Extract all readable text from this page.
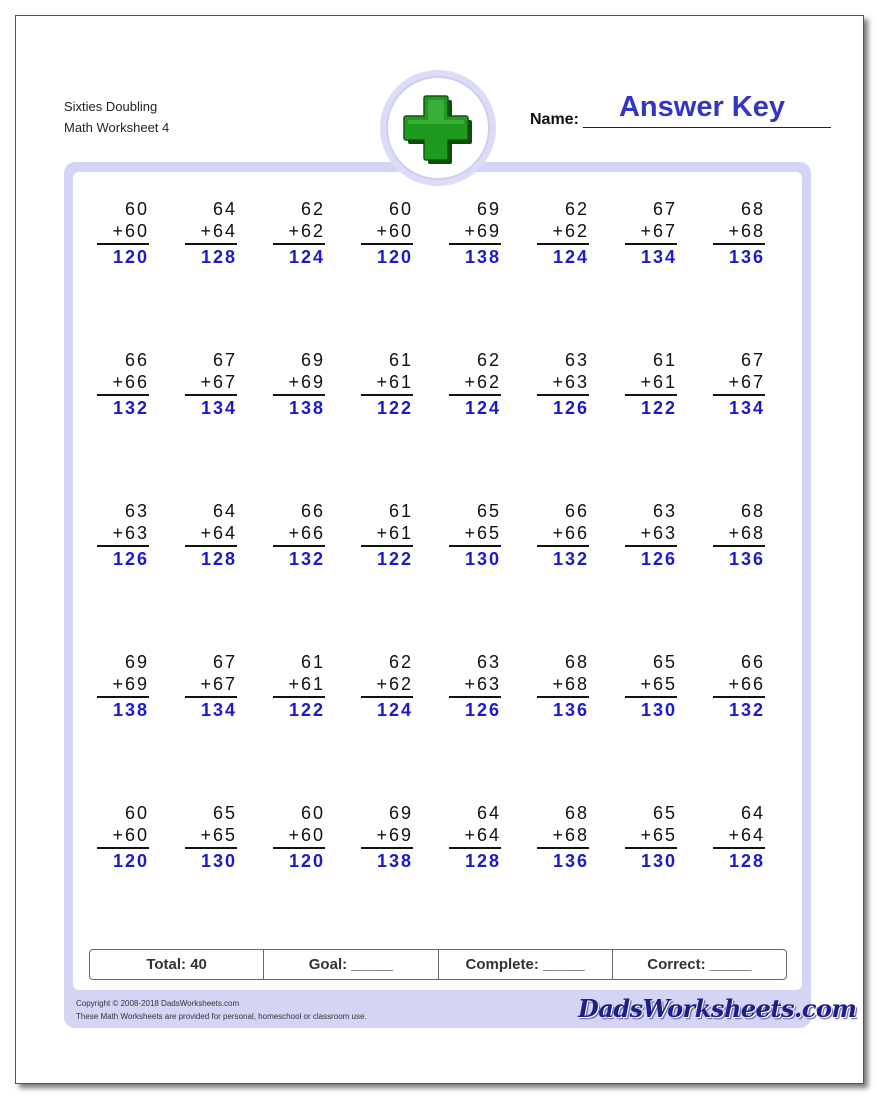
Sixties Doubling
Math Worksheet 4	Name:	Answer Key
60
+60
120
64
+64
128
62
+62
124
60
+60
120
69
+69
138
62
+62
124
67
+67
134
68
+68
136
66
+66
132
67
+67
134
69
+69
138
61
+61
122
62
+62
124
63
+63
126
61
+61
122
67
+67
134
63
+63
126
64
+64
128
66
+66
132
61
+61
122
65
+65
130
66
+66
132
63
+63
126
68
+68
136
69
+69
138
67
+67
134
61
+61
122
62
+62
124
63
+63
126
68
+68
136
65
+65
130
66
+66
132
60
+60
120
65
+65
130
60
+60
120
69
+69
138
64
+64
128
68
+68
136
65
+65
130
64
+64
128
Total: 40	Goal: _____	Complete: _____	Correct: _____
Copyright © 2008-2018 DadsWorksheets.com
These Math Worksheets are provided for personal, homeschool or classroom use.	DadsWorksheets.com
